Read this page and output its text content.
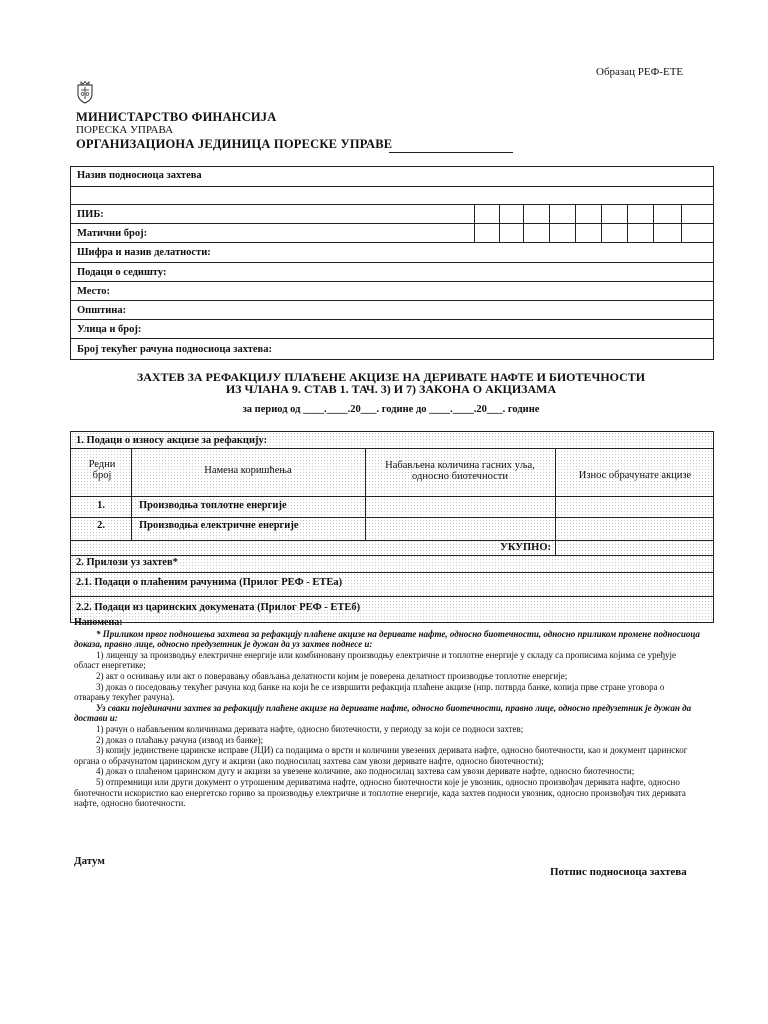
Образац РЕФ-ЕТЕ
МИНИСТАРСТВО ФИНАНСИЈА
ПОРЕСКА УПРАВА
ОРГАНИЗАЦИОНА ЈЕДИНИЦА ПОРЕСКЕ УПРАВЕ
Назив подносиоца захтева
ПИБ:
Матични број:
Шифра и назив делатности:
Подаци о седишту:
Место:
Општина:
Улица и број:
Број текућег рачуна подносиоца захтева:
ЗАХТЕВ ЗА РЕФАКЦИЈУ ПЛАЋЕНЕ АКЦИЗЕ НА ДЕРИВАТЕ НАФТЕ И БИОТЕЧНОСТИ
ИЗ ЧЛАНА 9. СТАВ 1. ТАЧ. 3) И 7) ЗАКОНА О АКЦИЗАМА
за период од ____.____.20___. године до ____.____.20___. године
1. Подаци о износу акцизе за рефакцију:
Редни број	Намена коришћења	Набављена количина гасних уља, односно биотечности	Износ обрачунате акцизе
1.	Производња топлотне енергије
2.	Производња електричне енергије
УКУПНО:
2. Прилози уз захтев*
2.1. Подаци о плаћеним рачунима (Прилог РЕФ - ЕТЕа)
2.2. Подаци из царинских докумената (Прилог РЕФ - ЕТЕб)

Напомена:

* Приликом првог подношења захтева за рефакцију плаћене акцизе на деривате нафте, односно биотечности, односно приликом промене подносиоца доказа, правно лице, односно предузетник је дужан да уз захтев поднесе и:

1) лиценцу за производњу електричне енергије или комбиновану производњу електричне и топлотне енергије у складу са прописима којима се уређује област енергетике;

2) акт о оснивању или акт о поверавању обављања делатности којим је поверена делатност производње топлотне енергије;

3) доказ о поседовању текућег рачуна код банке на који ће се извршити рефакција плаћене акцизе (нпр. потврда банке, копија прве стране уговора о отварању текућег рачуна).

Уз сваки појединачни захтев за рефакцију плаћене акцизе на деривате нафте, односно биотечности, правно лице, односно предузетник је дужан да достави и:

1) рачун о набављеним количинама деривата нафте, односно биотечности, у периоду за који се подноси захтев;

2) доказ о плаћању рачуна (извод из банке);

3) копију јединствене царинске исправе (ЈЦИ) са подацима о врсти и количини увезених деривата нафте, односно биотечности, као и документ царинског органа о обрачунатом царинском дугу и акцизи (ако подносилац захтева сам увози деривате нафте, односно биотечности);

4) доказ о плаћеном царинском дугу и акцизи за увезене количине, ако подносилац захтева сам увози деривате нафте, односно биотечности;

5) отпремници или други документ о утрошеним дериватима нафте, односно биотечности које је увозник, односно произвођач деривата нафте, односно биотечности искористио као енергетско гориво за производњу електричне и топлотне енергије, када захтев подноси увозник, односно произвођач тих деривата нафте, односно биотечности.

Датум
Потпис подносиоца захтева
